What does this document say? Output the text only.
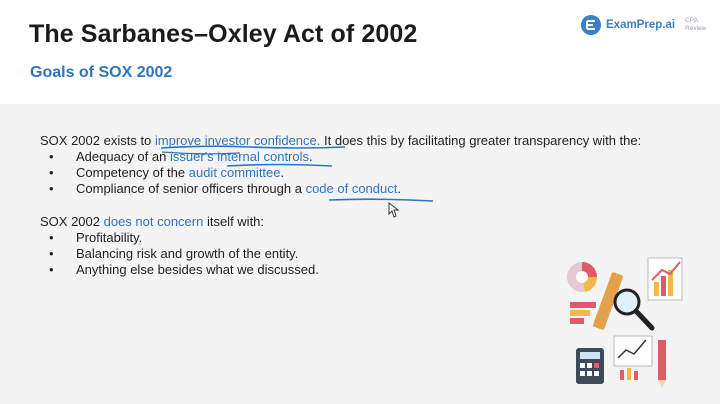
The Sarbanes–Oxley Act of 2002
Goals of SOX 2002
ExamPrep.ai CPA
Review
SOX 2002 exists to improve investor confidence. It does this by facilitating greater transparency with the:
• Adequacy of an issuer's internal controls.
• Competency of the audit committee.
• Compliance of senior officers through a code of conduct.
SOX 2002 does not concern itself with:
• Profitability.
• Balancing risk and growth of the entity.
• Anything else besides what we discussed.
